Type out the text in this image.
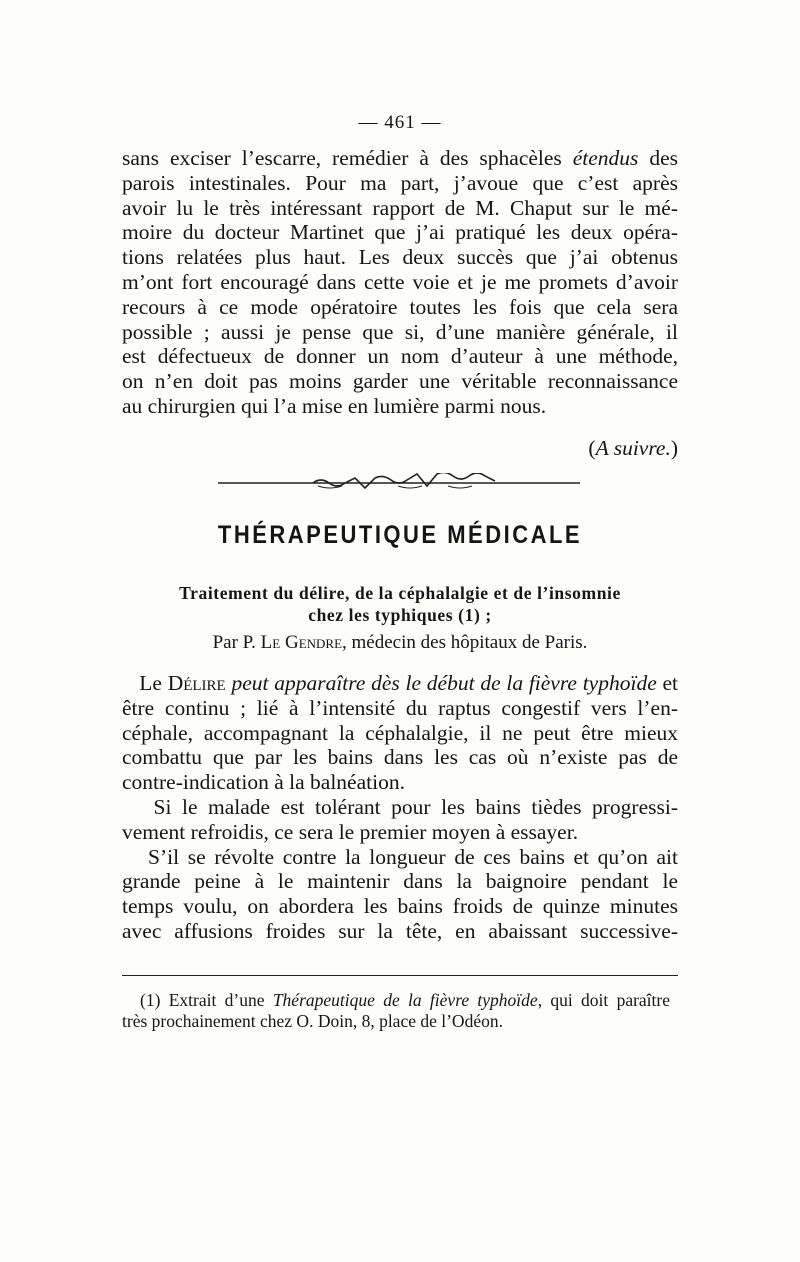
— 461 —
sans exciser l’escarre, remédier à des sphacèles étendus des
parois intestinales. Pour ma part, j’avoue que c’est après
avoir lu le très intéressant rapport de M. Chaput sur le mé-
moire du docteur Martinet que j’ai pratiqué les deux opéra-
tions relatées plus haut. Les deux succès que j’ai obtenus
m’ont fort encouragé dans cette voie et je me promets d’avoir
recours à ce mode opératoire toutes les fois que cela sera
possible ; aussi je pense que si, d’une manière générale, il
est défectueux de donner un nom d’auteur à une méthode,
on n’en doit pas moins garder une véritable reconnaissance
au chirurgien qui l’a mise en lumière parmi nous.
(A suivre.)
THÉRAPEUTIQUE MÉDICALE
Traitement du délire, de la céphalalgie et de l’insomnie
chez les typhiques (1) ;
Par P. Le Gendre, médecin des hôpitaux de Paris.
Le Délire peut apparaître dès le début de la fièvre typhoïde et
être continu ; lié à l’intensité du raptus congestif vers l’en-
céphale, accompagnant la céphalalgie, il ne peut être mieux
combattu que par les bains dans les cas où n’existe pas de
contre-indication à la balnéation.
Si le malade est tolérant pour les bains tièdes progressi-
vement refroidis, ce sera le premier moyen à essayer.
S’il se révolte contre la longueur de ces bains et qu’on ait
grande peine à le maintenir dans la baignoire pendant le
temps voulu, on abordera les bains froids de quinze minutes
avec affusions froides sur la tête, en abaissant successive-
(1) Extrait d’une Thérapeutique de la fièvre typhoïde, qui doit paraître
très prochainement chez O. Doin, 8, place de l’Odéon.
